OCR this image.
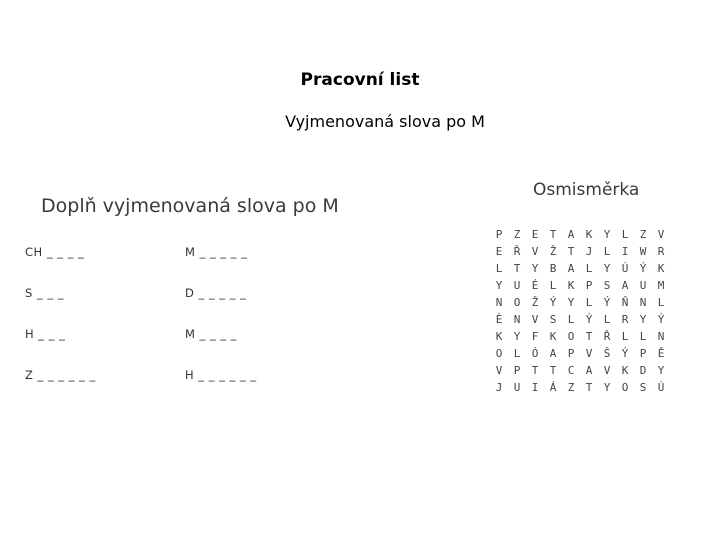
Pracovní list
Vyjmenovaná slova po M
Doplň vyjmenovaná slova po M
CH _ _ _ _	M _ _ _ _ _
S _ _ _	D _ _ _ _ _
H _ _ _	M _ _ _ _
Z _ _ _ _ _ _	H _ _ _ _ _ _
Osmisměrka
P	Z	E	T	A	K	Y	L	Z	V
E	Ř	V	Ž	T	J	L	I	W	R
L	T	Y	B	A	L	Y	Ú	Ý	K
Y	U	É	L	K	P	S	A	U	M
N	O	Ž	Ý	Y	L	Ý	Ň	N	L
È	N	V	S	L	Ý	L	R	Y	Ý
K	Y	F	K	O	T	Ř	L	L	N
O	L	Ó	A	P	V	Š	Ý	P	Ě
V	P	T	T	C	A	V	K	D	Y
J	U	I	Á	Z	T	Y	O	S	Ú
